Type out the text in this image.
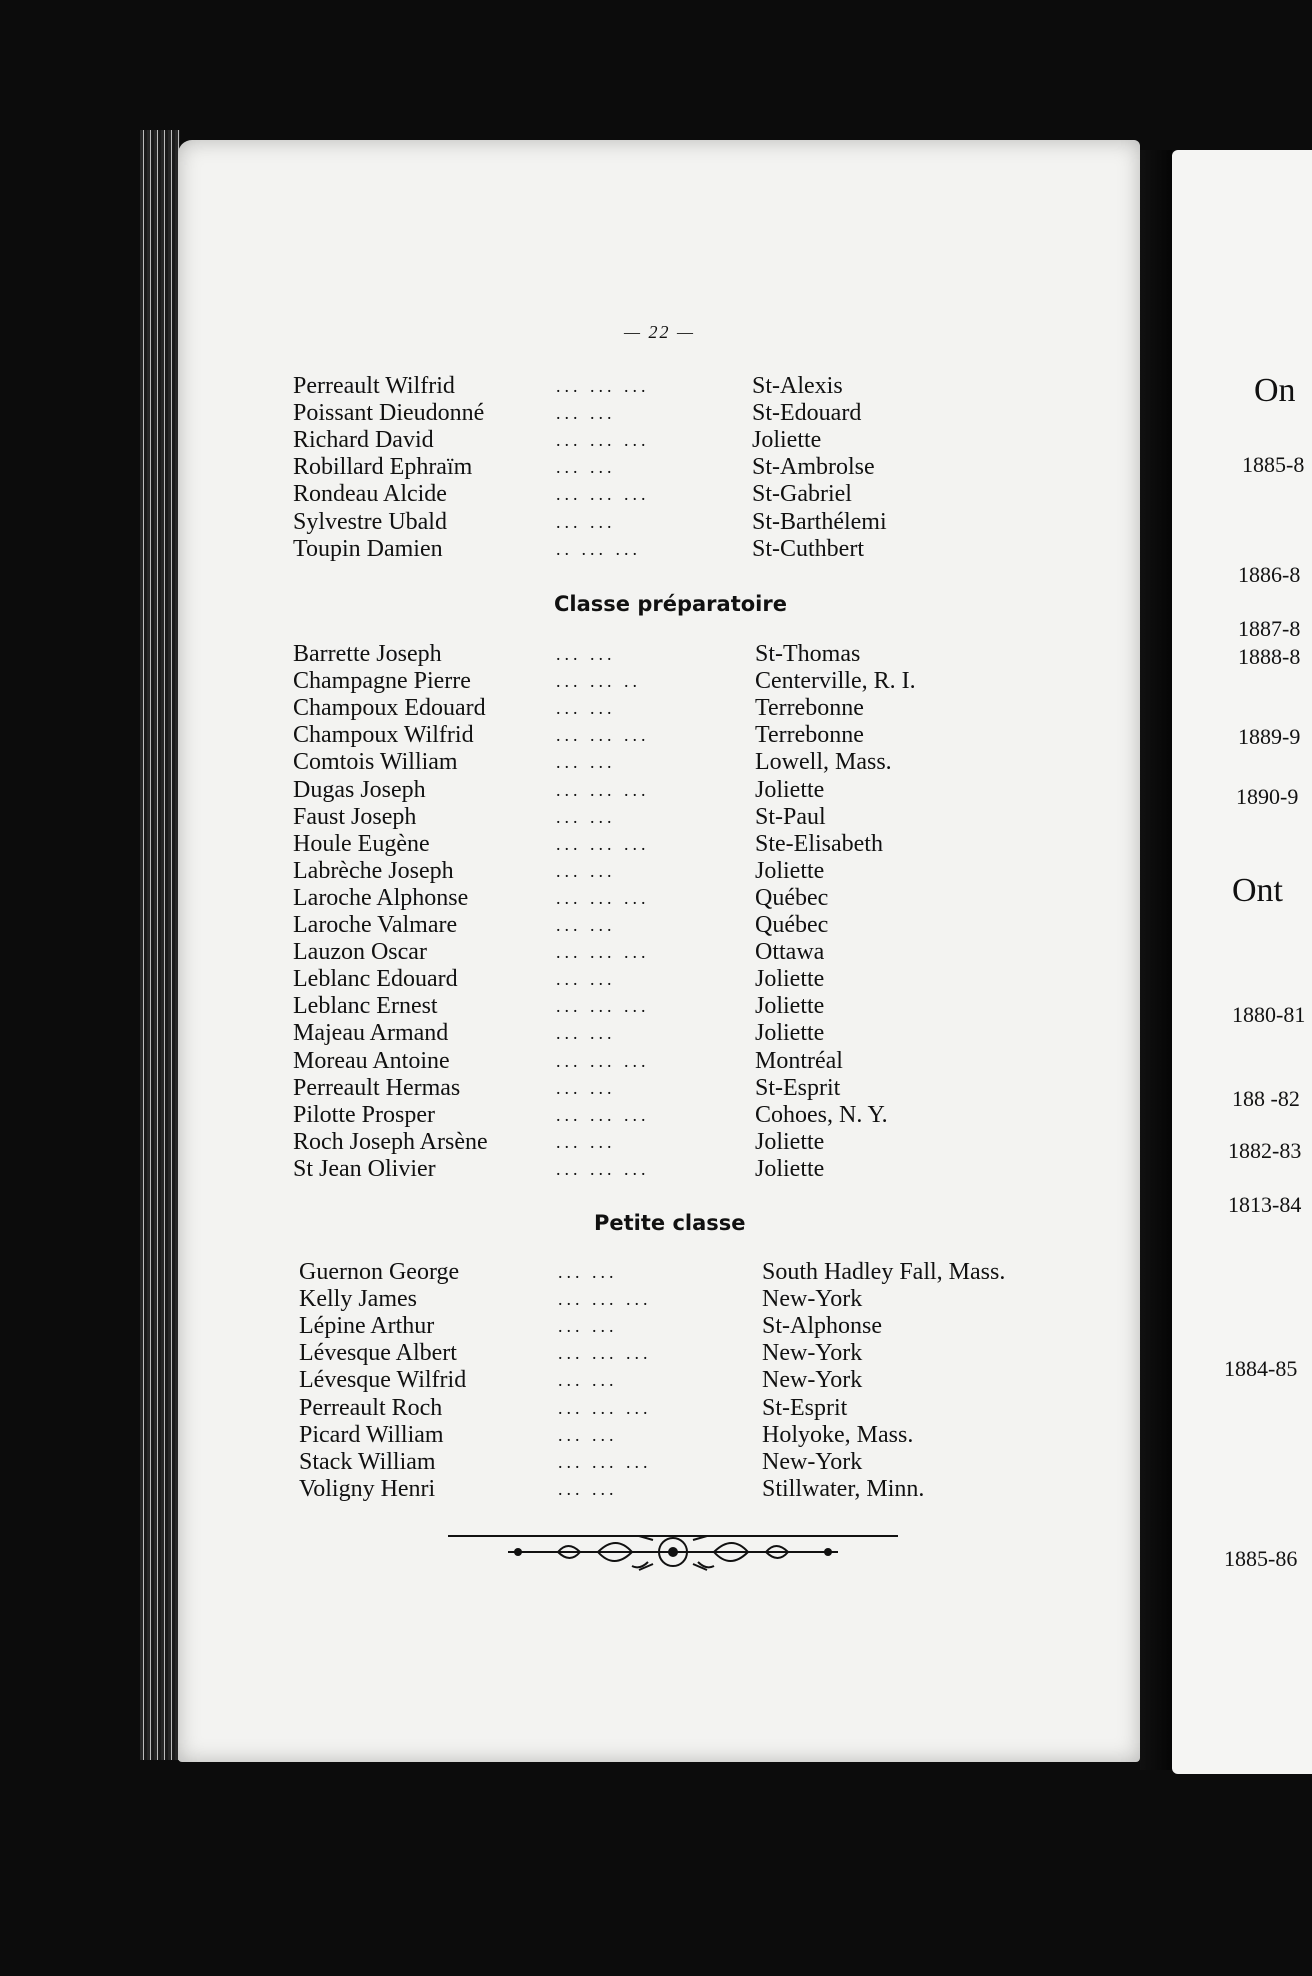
On
1885-8
1886-8
1887-8
1888-8
1889-9
1890-9
Ont
1880-81
188 -82
1882-83
1813-84
1884-85
1885-86
— 22 —
Perreault Wilfrid	... ... ...	St-Alexis
Poissant Dieudonné	... ...	St-Edouard
Richard David	... ... ...	Joliette
Robillard Ephraïm	... ...	St-Ambrolse
Rondeau Alcide	... ... ...	St-Gabriel
Sylvestre Ubald	... ...	St-Barthélemi
Toupin Damien	.. ... ...	St-Cuthbert
Classe préparatoire
Barrette Joseph	... ...	St-Thomas
Champagne Pierre	... ... ..	Centerville, R. I.
Champoux Edouard	... ...	Terrebonne
Champoux Wilfrid	... ... ...	Terrebonne
Comtois William	... ...	Lowell, Mass.
Dugas Joseph	... ... ...	Joliette
Faust Joseph	... ...	St-Paul
Houle Eugène	... ... ...	Ste-Elisabeth
Labrèche Joseph	... ...	Joliette
Laroche Alphonse	... ... ...	Québec
Laroche Valmare	... ...	Québec
Lauzon Oscar	... ... ...	Ottawa
Leblanc Edouard	... ...	Joliette
Leblanc Ernest	... ... ...	Joliette
Majeau Armand	... ...	Joliette
Moreau Antoine	... ... ...	Montréal
Perreault Hermas	... ...	St-Esprit
Pilotte Prosper	... ... ...	Cohoes, N. Y.
Roch Joseph Arsène	... ...	Joliette
St Jean Olivier	... ... ...	Joliette
Petite classe
Guernon George	... ...	South Hadley Fall, Mass.
Kelly James	... ... ...	New-York
Lépine Arthur	... ...	St-Alphonse
Lévesque Albert	... ... ...	New-York
Lévesque Wilfrid	... ...	New-York
Perreault Roch	... ... ...	St-Esprit
Picard William	... ...	Holyoke, Mass.
Stack William	... ... ...	New-York
Voligny Henri	... ...	Stillwater, Minn.
